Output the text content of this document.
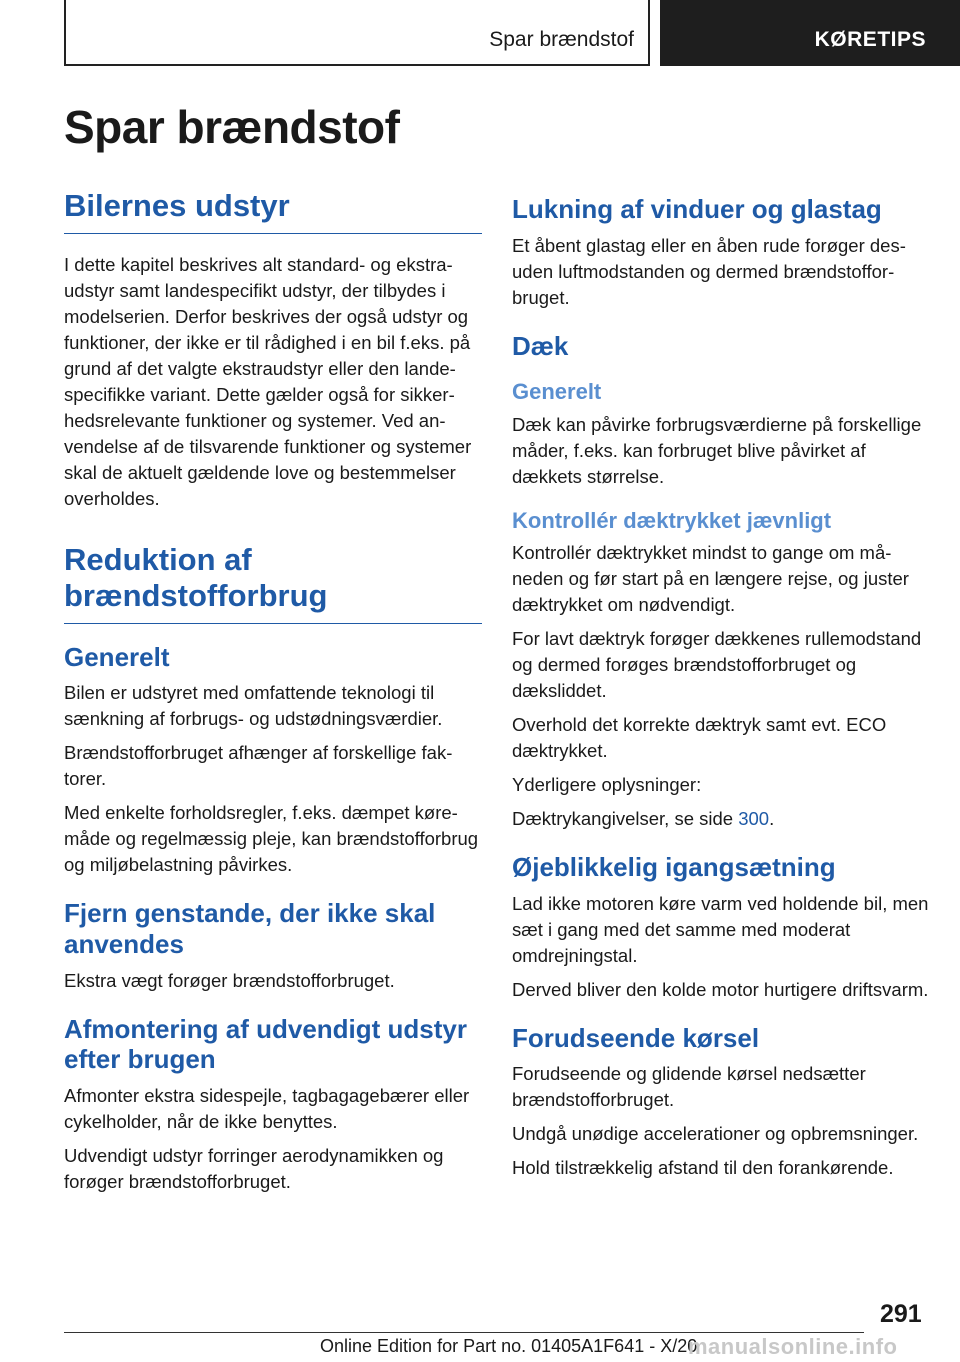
Spar brændstof	KØRETIPS
Spar brændstof
Bilernes udstyr

I dette kapitel beskrives alt standard- og ekstraudstyr samt landespecifikt udstyr, der tilbydes i modelserien. Derfor beskrives der også udstyr og funktioner, der ikke er til rådighed i en bil f.eks. på grund af det valgte ekstraudstyr eller den landespecifikke variant. Dette gælder også for sikkerhedsrelevante funktioner og systemer. Ved anvendelse af de tilsvarende funktioner og systemer skal de aktuelt gældende love og bestemmelser overholdes.

Reduktion af brændstofforbrug
Generelt

Bilen er udstyret med omfattende teknologi til sænkning af forbrugs- og udstødningsværdier.

Brændstofforbruget afhænger af forskellige faktorer.

Med enkelte forholdsregler, f.eks. dæmpet køremåde og regelmæssig pleje, kan brændstofforbrug og miljøbelastning påvirkes.

Fjern genstande, der ikke skal anvendes

Ekstra vægt forøger brændstofforbruget.

Afmontering af udvendigt udstyr efter brugen

Afmonter ekstra sidespejle, tagbagagebærer eller cykelholder, når de ikke benyttes.

Udvendigt udstyr forringer aerodynamikken og forøger brændstofforbruget.

Lukning af vinduer og glastag

Et åbent glastag eller en åben rude forøger desuden luftmodstanden og dermed brændstofforbruget.

Dæk
Generelt

Dæk kan påvirke forbrugsværdierne på forskellige måder, f.eks. kan forbruget blive påvirket af dækkets størrelse.

Kontrollér dæktrykket jævnligt

Kontrollér dæktrykket mindst to gange om måneden og før start på en længere rejse, og juster dæktrykket om nødvendigt.

For lavt dæktryk forøger dækkenes rullemodstand og dermed forøges brændstofforbruget og dæksliddet.

Overhold det korrekte dæktryk samt evt. ECO dæktrykket.

Yderligere oplysninger:

Dæktrykangivelser, se side 300.

Øjeblikkelig igangsætning

Lad ikke motoren køre varm ved holdende bil, men sæt i gang med det samme med moderat omdrejningstal.

Derved bliver den kolde motor hurtigere driftsvarm.

Forudseende kørsel

Forudseende og glidende kørsel nedsætter brændstofforbruget.

Undgå unødige accelerationer og opbremsninger.

Hold tilstrækkelig afstand til den forankørende.

291
Online Edition for Part no. 01405A1F641 - X/20
manualsonline.info
